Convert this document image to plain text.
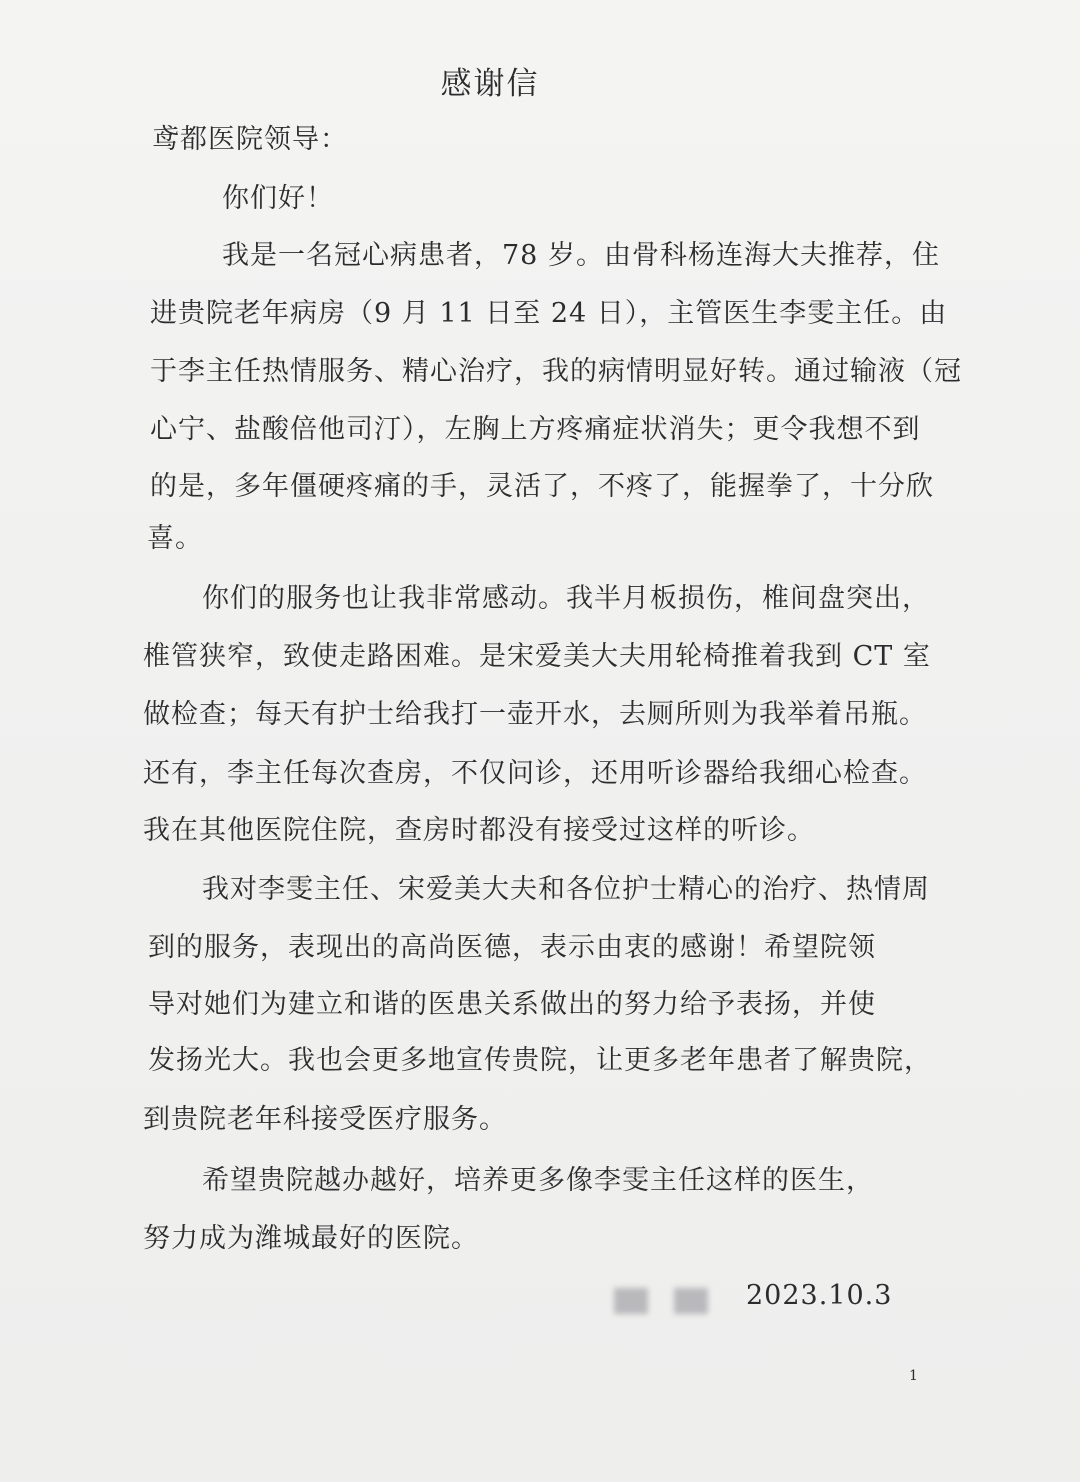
感谢信
鸢都医院领导：
你们好！
我是一名冠心病患者，78 岁。由骨科杨连海大夫推荐，住
进贵院老年病房（9 月 11 日至 24 日），主管医生李雯主任。由
于李主任热情服务、精心治疗，我的病情明显好转。通过输液（冠
心宁、盐酸倍他司汀），左胸上方疼痛症状消失；更令我想不到
的是，多年僵硬疼痛的手，灵活了，不疼了，能握拳了，十分欣
喜。
你们的服务也让我非常感动。我半月板损伤，椎间盘突出，
椎管狭窄，致使走路困难。是宋爱美大夫用轮椅推着我到 CT 室
做检查；每天有护士给我打一壶开水，去厕所则为我举着吊瓶。
还有，李主任每次查房，不仅问诊，还用听诊器给我细心检查。
我在其他医院住院，查房时都没有接受过这样的听诊。
我对李雯主任、宋爱美大夫和各位护士精心的治疗、热情周
到的服务，表现出的高尚医德，表示由衷的感谢！希望院领
导对她们为建立和谐的医患关系做出的努力给予表扬，并使
发扬光大。我也会更多地宣传贵院，让更多老年患者了解贵院，
到贵院老年科接受医疗服务。
希望贵院越办越好，培养更多像李雯主任这样的医生，
努力成为潍城最好的医院。
2023.10.3
1
